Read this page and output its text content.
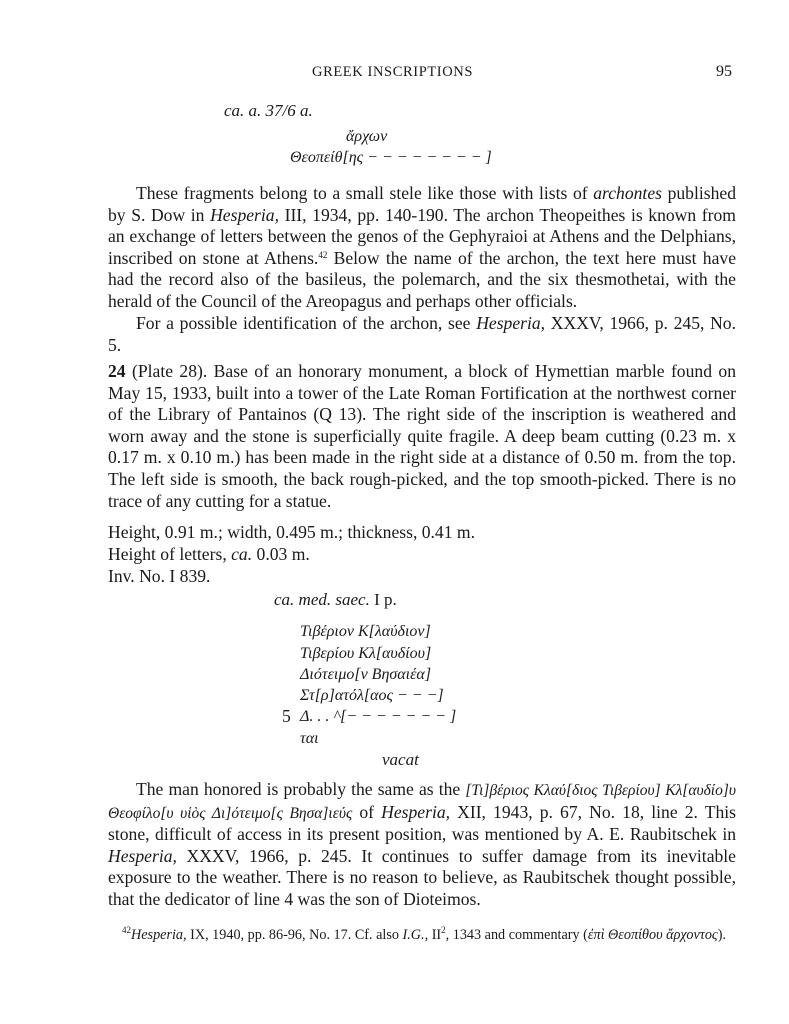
GREEK INSCRIPTIONS	95
ca. a. 37/6 a.
ἄρχων
Θεοπείθ[ης − − − − − − − − ]

These fragments belong to a small stele like those with lists of archontes published by S. Dow in Hesperia, III, 1934, pp. 140-190. The archon Theopeithes is known from an exchange of letters between the genos of the Gephyraioi at Athens and the Delphians, inscribed on stone at Athens.$^{42}$ Below the name of the archon, the text here must have had the record also of the basileus, the polemarch, and the six thesmothetai, with the herald of the Council of the Areopagus and perhaps other officials.

For a possible identification of the archon, see Hesperia, XXXV, 1966, p. 245, No. 5.

24 (Plate 28). Base of an honorary monument, a block of Hymettian marble found on May 15, 1933, built into a tower of the Late Roman Fortification at the northwest corner of the Library of Pantainos (Q 13). The right side of the inscription is weathered and worn away and the stone is superficially quite fragile. A deep beam cutting (0.23 m. x 0.17 m. x 0.10 m.) has been made in the right side at a distance of 0.50 m. from the top. The left side is smooth, the back rough-picked, and the top smooth-picked. There is no trace of any cutting for a statue.

Height, 0.91 m.; width, 0.495 m.; thickness, 0.41 m.
Height of letters, ca. 0.03 m.
Inv. No. I 839.
ca. med. saec. I p.
Τιβέριον Κ[λαύδιον]
Τιβερίου Κλ[αυδίου]
Διότειμο[ν Βησαιέα]
Στ[ρ]ατόλ[αος − − −]
5 Δ. . . ^[− − − − − − − ]
ται
vacat

The man honored is probably the same as the [Τι]βέριος Κλαύ[διος Τιβερίου] Κλ[αυδίο]υ Θεοφίλο[υ υἱὸς Δι]ότειμο[ς Βησα]ιεύς of Hesperia, XII, 1943, p. 67, No. 18, line 2. This stone, difficult of access in its present position, was mentioned by A. E. Raubitschek in Hesperia, XXXV, 1966, p. 245. It continues to suffer damage from its inevitable exposure to the weather. There is no reason to believe, as Raubitschek thought possible, that the dedicator of line 4 was the son of Dioteimos.

$^{42}$Hesperia, IX, 1940, pp. 86-96, No. 17. Cf. also I.G., $II^2$, 1343 and commentary (ἐπὶ Θεοπίθου ἄρχοντος).
